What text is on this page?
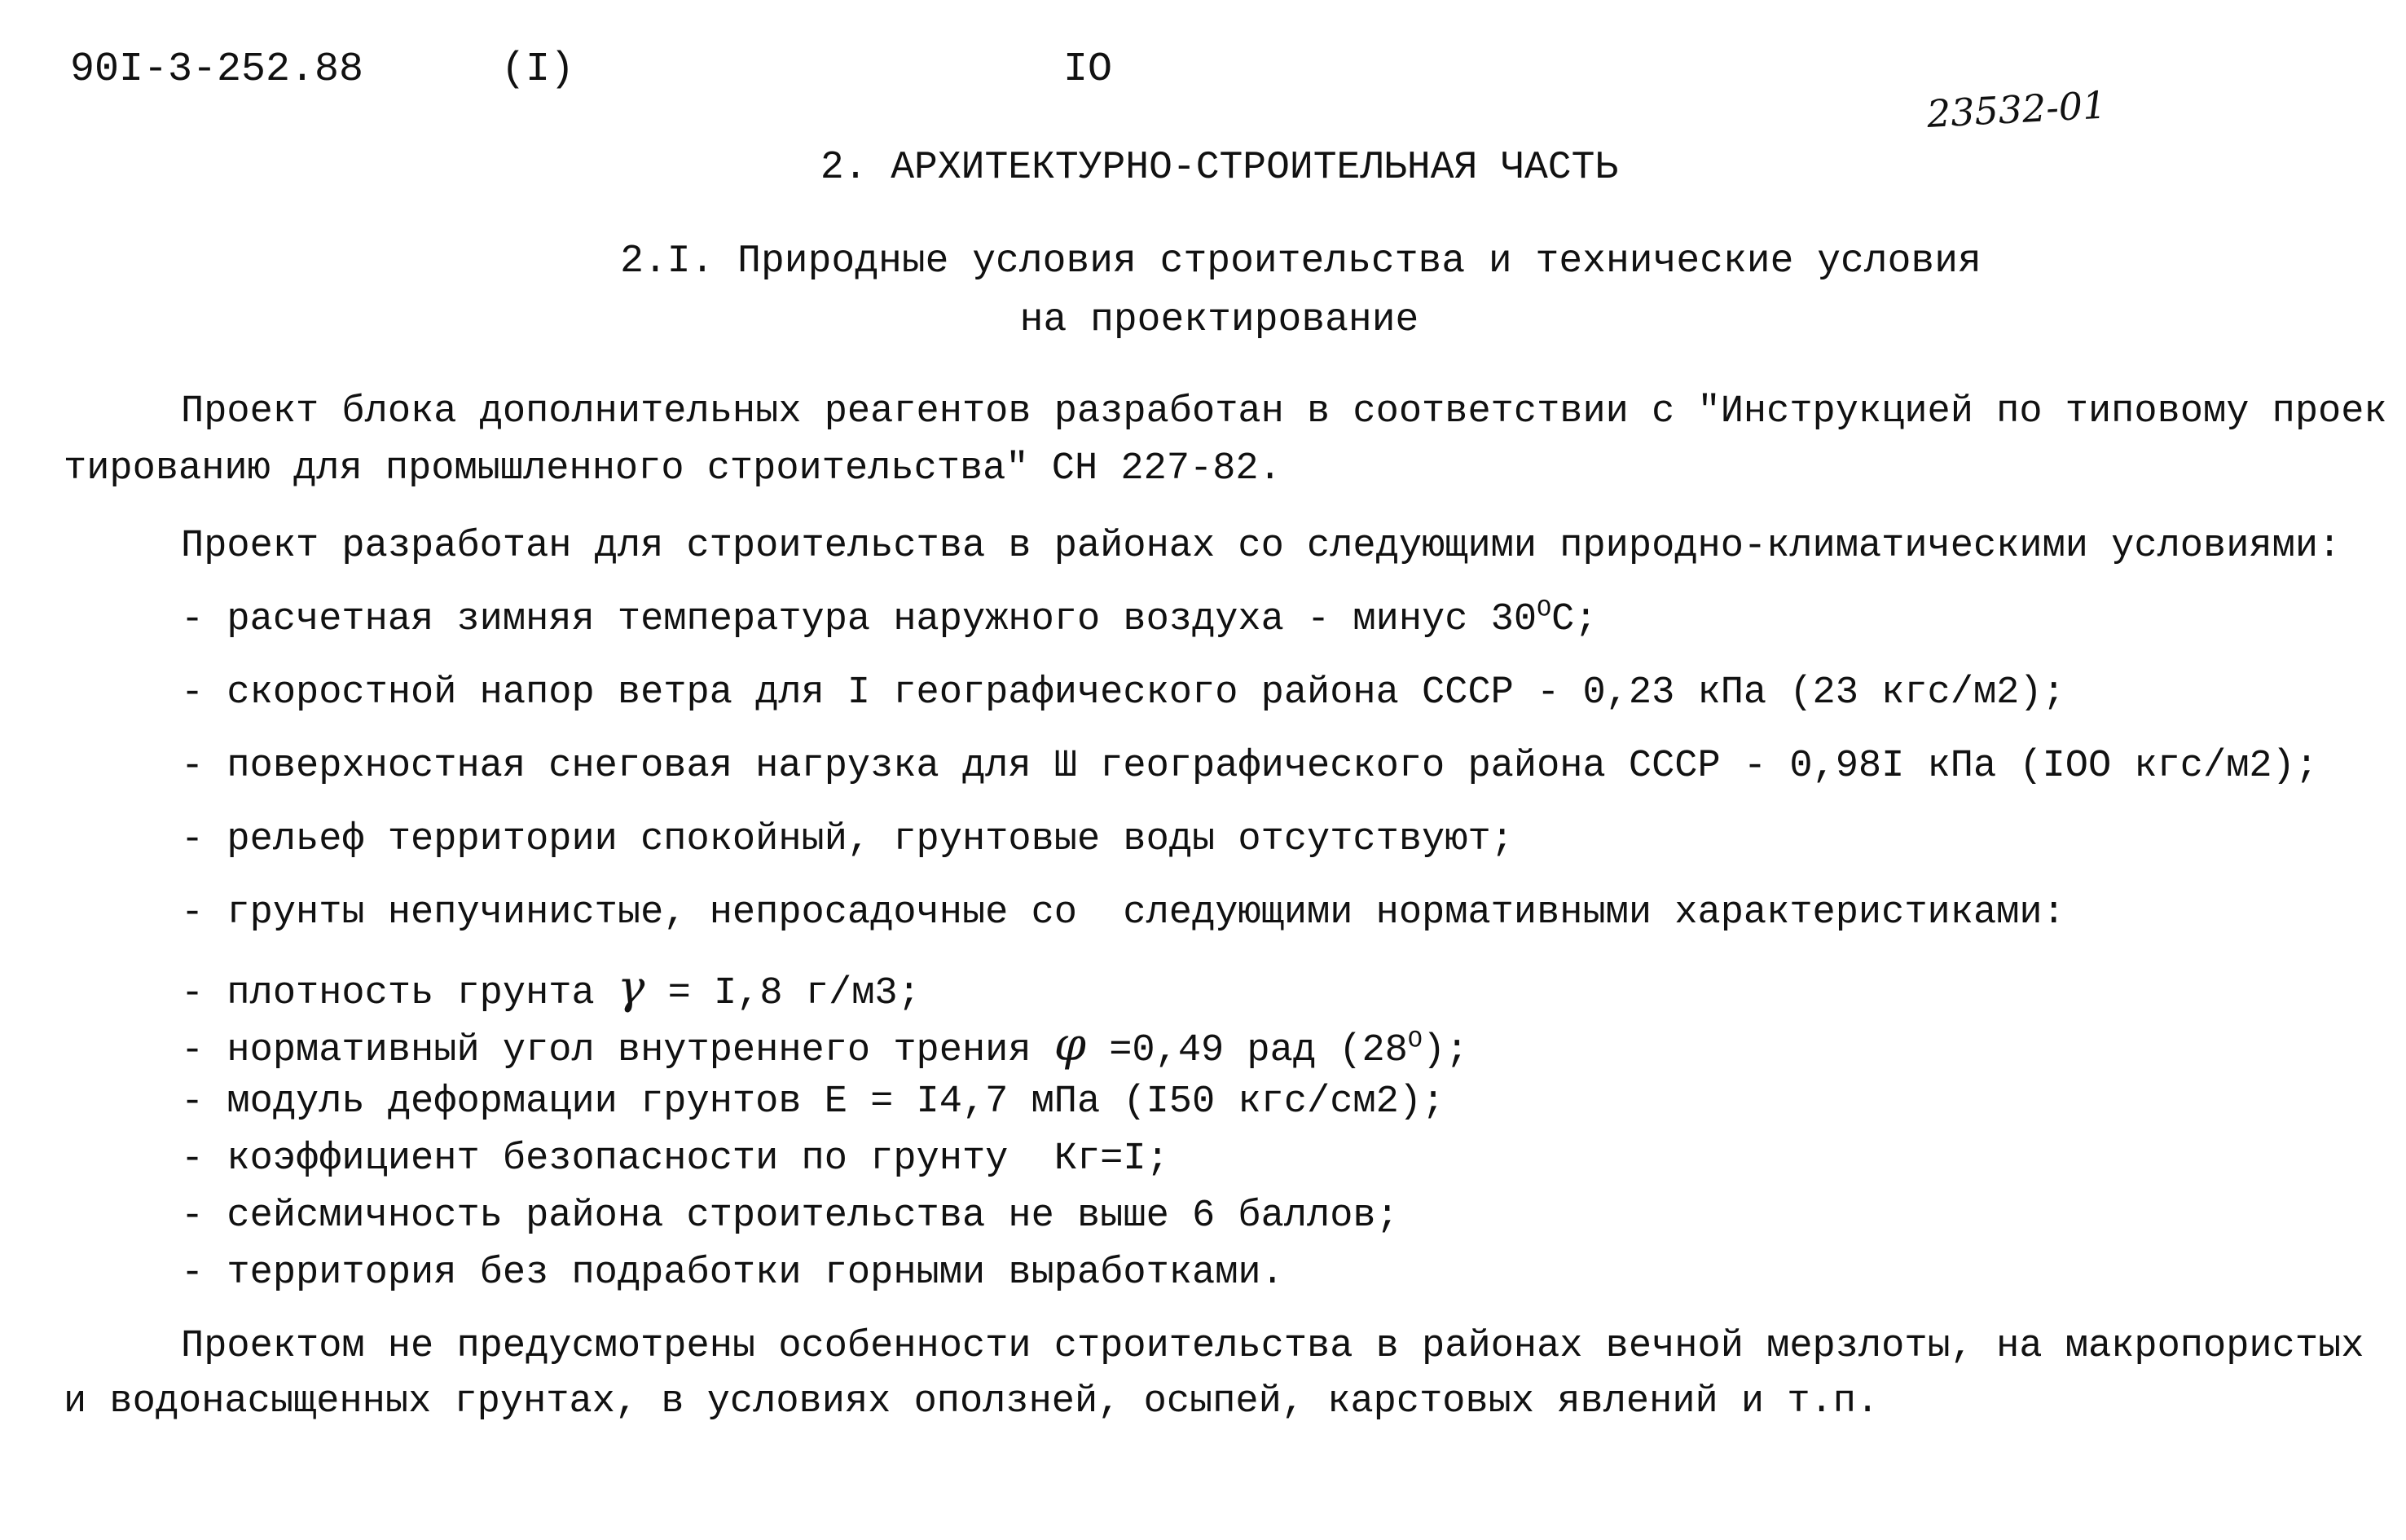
90I-3-252.88	(I)	IO
23532-01
2. АРХИТЕКТУРНО-СТРОИТЕЛЬНАЯ ЧАСТЬ
2.I. Природные условия строительства и технические условия
на проектирование
Проект блока дополнительных реагентов разработан в соответствии с "Инструкцией по типовому проек
тированию для промышленного строительства" СН 227-82.
Проект разработан для строительства в районах со следующими природно-климатическими условиями:
- расчетная зимняя температура наружного воздуха - минус $30^OC$;
- скоростной напор ветра для I географического района СССР - 0,23 кПа (23 кгс/м2);
- поверхностная снеговая нагрузка для Ш географического района СССР - 0,98I кПа (IOO кгс/м2);
- рельеф территории спокойный, грунтовые воды отсутствуют;
- грунты непучинистые, непросадочные со  следующими нормативными характеристиками:
- плотность грунта γ = I,8 г/м3;
- нормативный угол внутреннего трения φ =0,49 рад $(28^O)$;
- модуль деформации грунтов Е = I4,7 мПа (I50 кгс/см2);
- коэффициент безопасности по грунту  Кг=I;
- сейсмичность района строительства не выше 6 баллов;
- территория без подработки горными выработками.
Проектом не предусмотрены особенности строительства в районах вечной мерзлоты, на макропористых
и водонасыщенных грунтах, в условиях оползней, осыпей, карстовых явлений и т.п.
